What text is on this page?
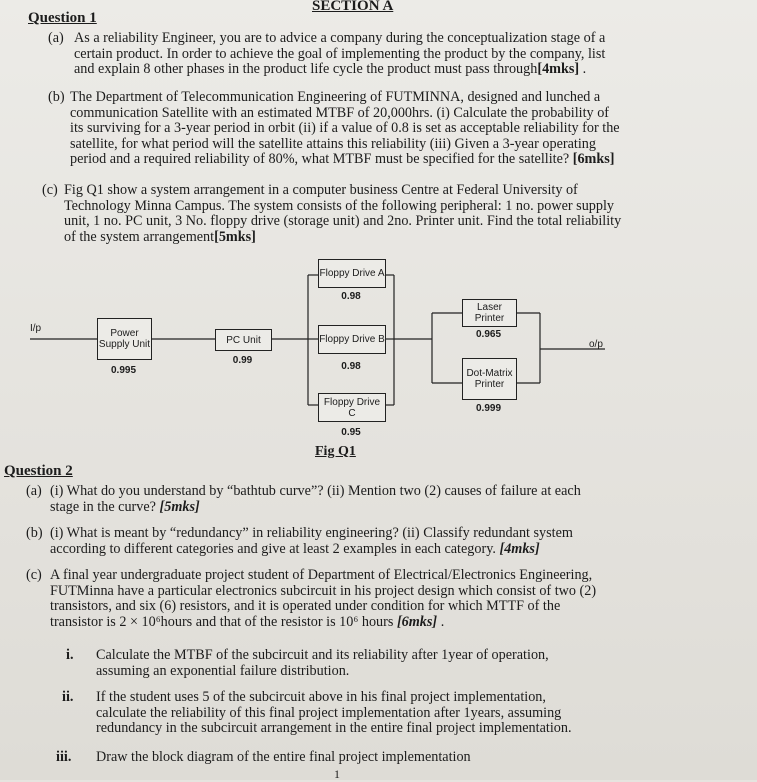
SECTION A
Question 1
(a) As a reliability Engineer, you are to advice a company during the conceptualization stage of a
certain product. In order to achieve the goal of implementing the product by the company, list
and explain 8 other phases in the product life cycle the product must pass through[4mks] .
(b) The Department of Telecommunication Engineering of FUTMINNA, designed and lunched a
communication Satellite with an estimated MTBF of 20,000hrs. (i) Calculate the probability of
its surviving for a 3-year period in orbit (ii) if a value of 0.8 is set as acceptable reliability for the
satellite, for what period will the satellite attains this reliability (iii) Given a 3-year operating
period and a required reliability of 80%, what MTBF must be specified for the satellite? [6mks]
(c) Fig Q1 show a system arrangement in a computer business Centre at Federal University of
Technology Minna Campus. The system consists of the following peripheral: 1 no. power supply
unit, 1 no. PC unit, 3 No. floppy drive (storage unit) and 2no. Printer unit. Find the total reliability
of the system arrangement[5mks]
I/p
o/p
Power Supply Unit
0.995
PC Unit
0.99
Floppy Drive A
0.98
Floppy Drive B
0.98
Floppy Drive C
0.95
Laser Printer
0.965
Dot-Matrix Printer
0.999
Fig Q1
Question 2
(a) (i) What do you understand by “bathtub curve”? (ii) Mention two (2) causes of failure at each
stage in the curve? [5mks]
(b) (i) What is meant by “redundancy” in reliability engineering? (ii) Classify redundant system
according to different categories and give at least 2 examples in each category. [4mks]
(c) A final year undergraduate project student of Department of Electrical/Electronics Engineering,
FUTMinna have a particular electronics subcircuit in his project design which consist of two (2)
transistors, and six (6) resistors, and it is operated under condition for which MTTF of the
transistor is 2 × 10⁶hours and that of the resistor is 10⁶ hours [6mks] .
i. Calculate the MTBF of the subcircuit and its reliability after 1year of operation,
assuming an exponential failure distribution.
ii. If the student uses 5 of the subcircuit above in his final project implementation,
calculate the reliability of this final project implementation after 1years, assuming
redundancy in the subcircuit arrangement in the entire final project implementation.
iii. Draw the block diagram of the entire final project implementation
1
